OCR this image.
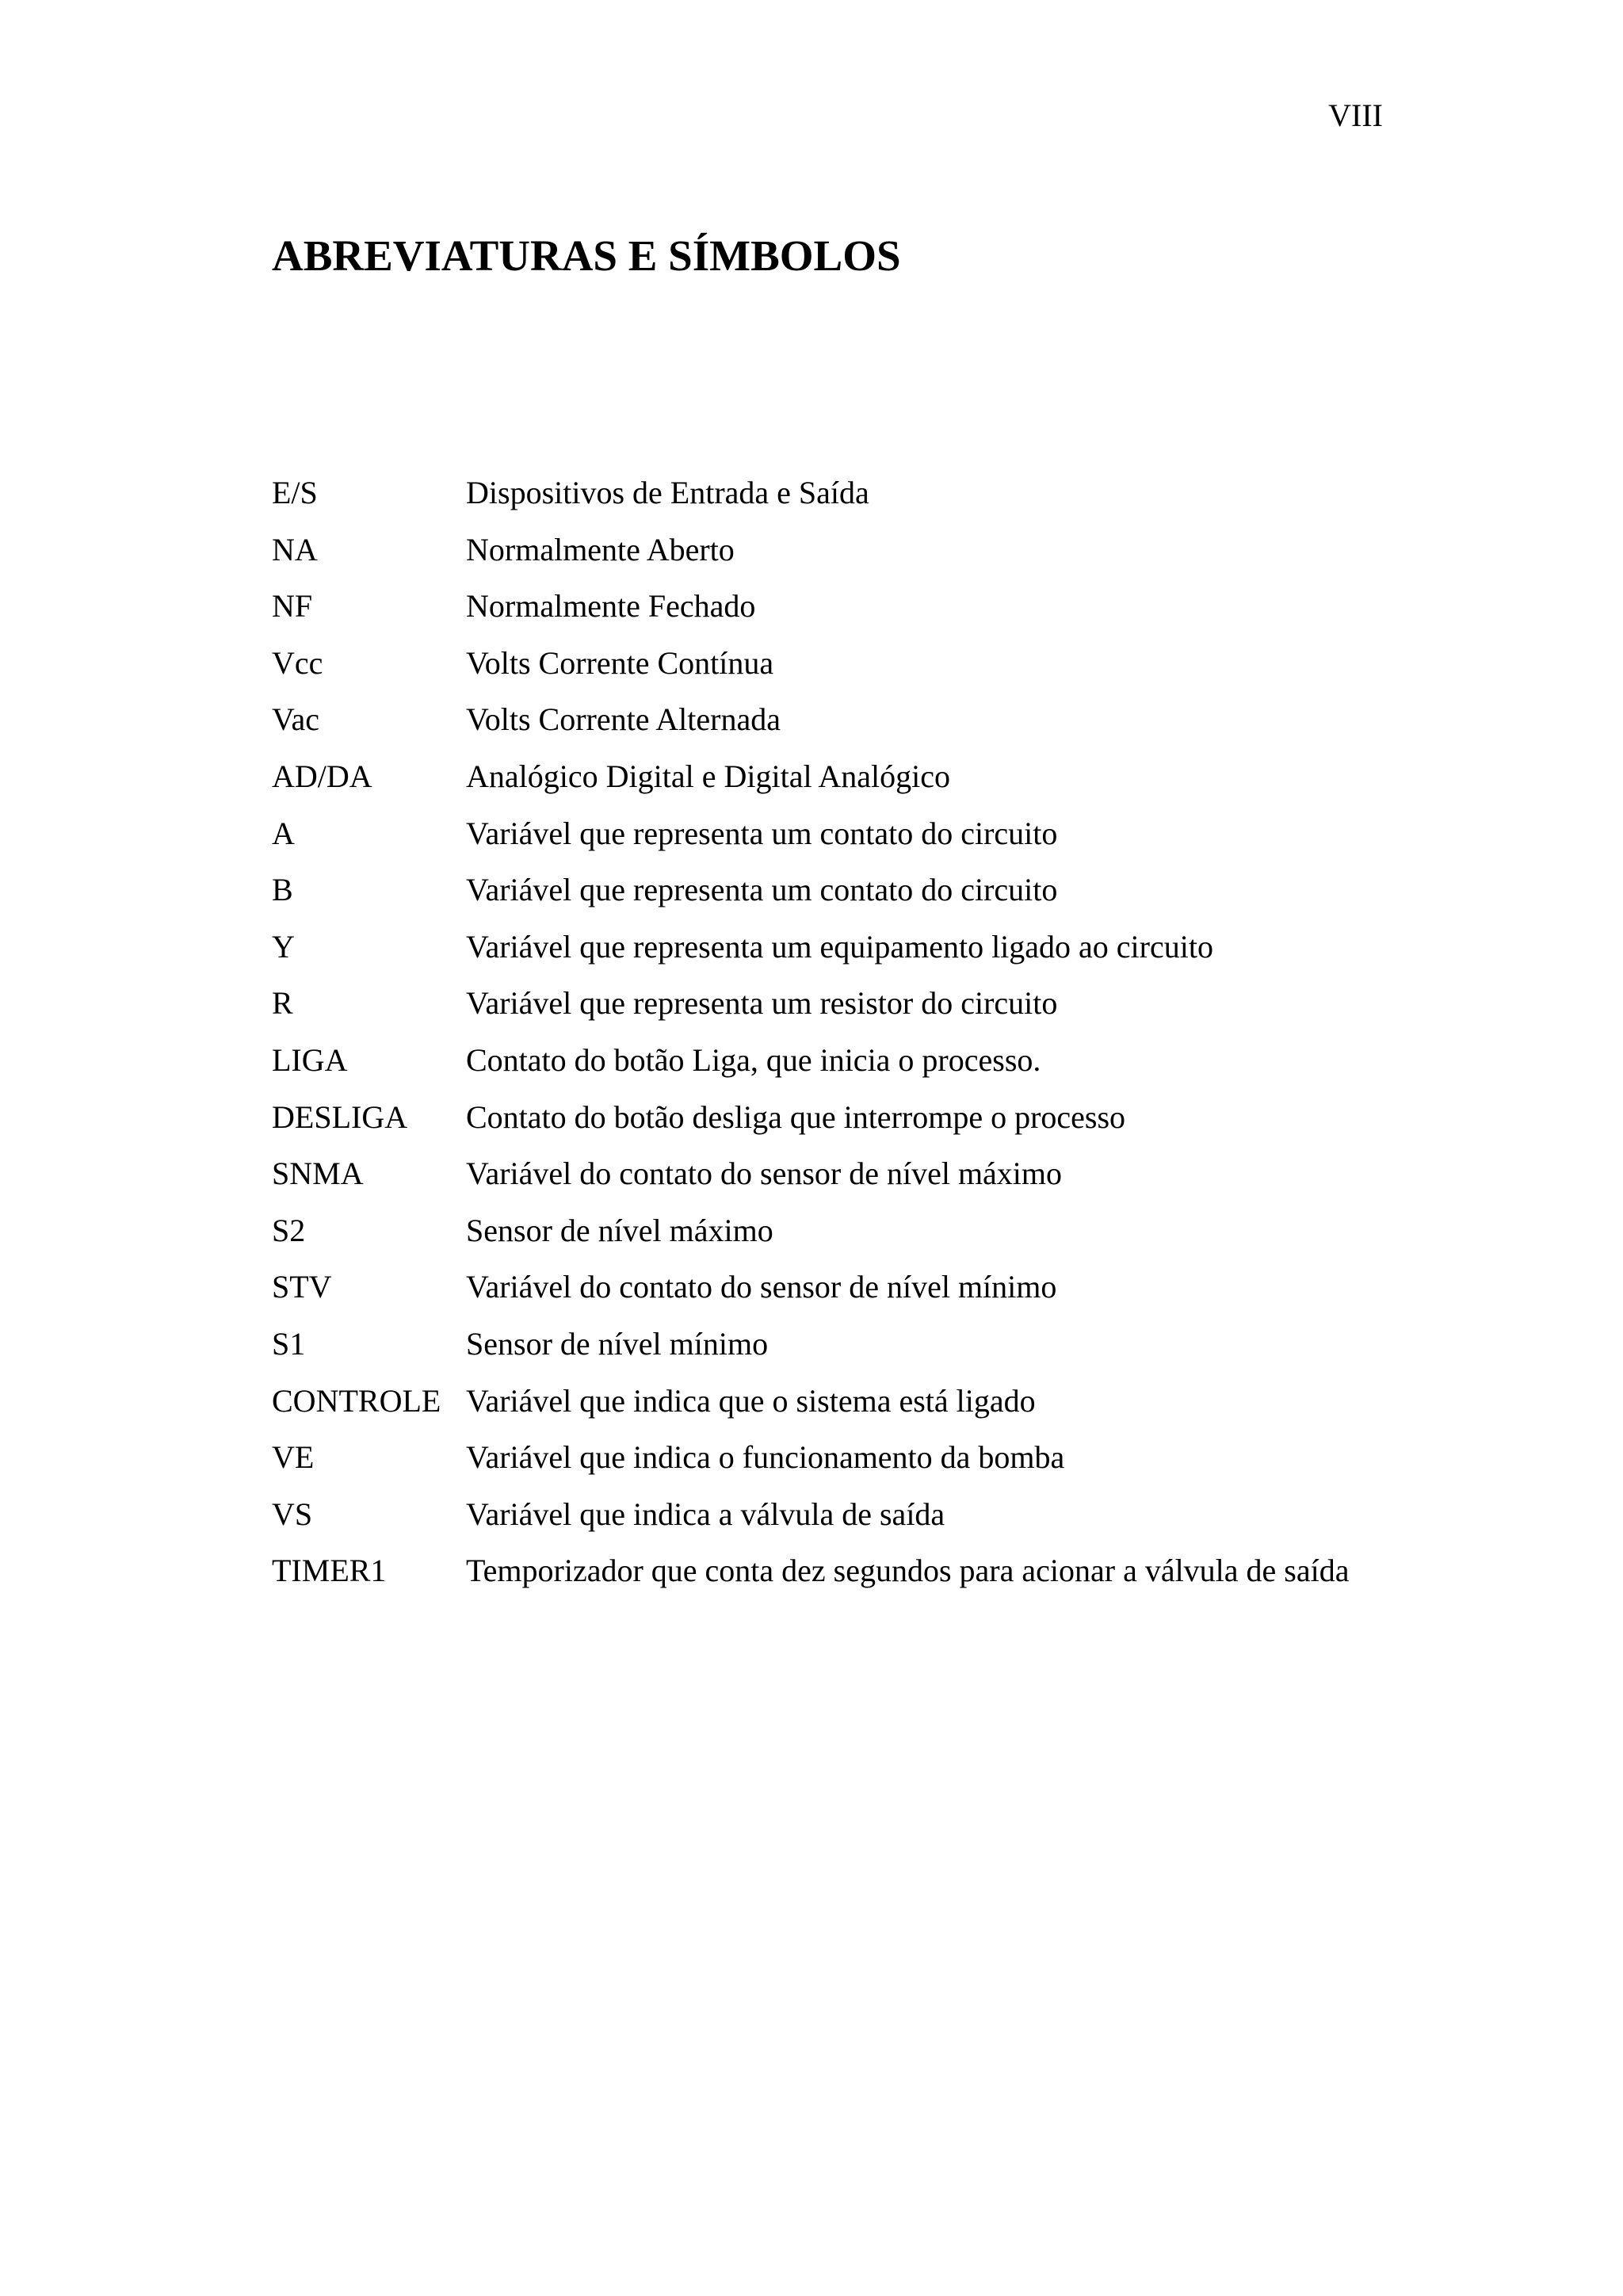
VIII
ABREVIATURAS E SÍMBOLOS
E/S	Dispositivos de Entrada e Saída
NA	Normalmente Aberto
NF	Normalmente Fechado
Vcc	Volts Corrente Contínua
Vac	Volts Corrente Alternada
AD/DA	Analógico Digital e Digital Analógico
A	Variável que representa um contato do circuito
B	Variável que representa um contato do circuito
Y	Variável que representa um equipamento ligado ao circuito
R	Variável que representa um resistor do circuito
LIGA	Contato do botão Liga, que inicia o processo.
DESLIGA	Contato do botão desliga que interrompe o processo
SNMA	Variável do contato do sensor de nível máximo
S2	Sensor de nível máximo
STV	Variável do contato do sensor de nível mínimo
S1	Sensor de nível mínimo
CONTROLE Variável que indica que o sistema está ligado
VE	Variável que indica o funcionamento da bomba
VS	Variável que indica a válvula de saída
TIMER1	Temporizador que conta dez segundos para acionar a válvula de saída
